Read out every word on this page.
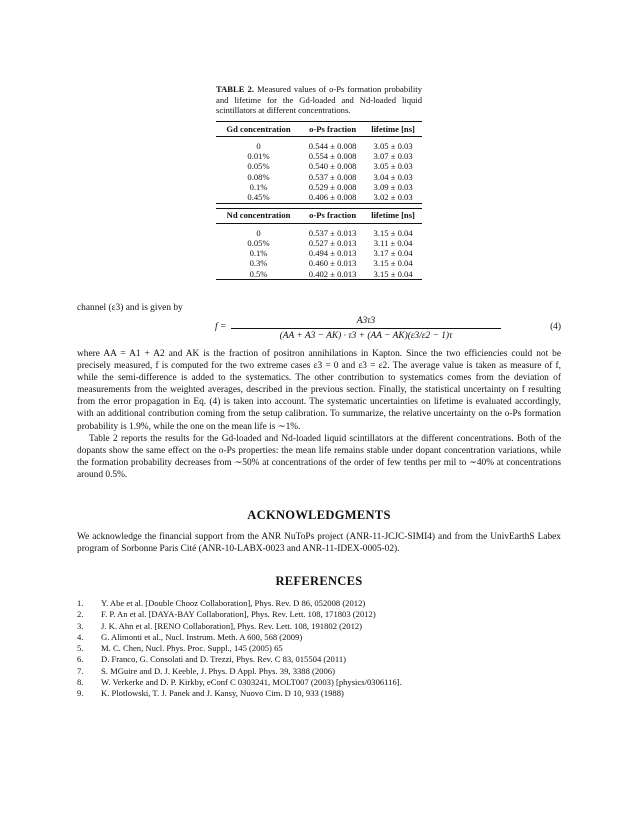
TABLE 2. Measured values of o-Ps formation probability and lifetime for the Gd-loaded and Nd-loaded liquid scintillators at different concentrations.
Gd concentration	o-Ps fraction	lifetime [ns]

0	0.544 ± 0.008	3.05 ± 0.03
0.01%	0.554 ± 0.008	3.07 ± 0.03
0.05%	0.540 ± 0.008	3.05 ± 0.03
0.08%	0.537 ± 0.008	3.04 ± 0.03
0.1%	0.529 ± 0.008	3.09 ± 0.03
0.45%	0.406 ± 0.008	3.02 ± 0.03

Nd concentration	o-Ps fraction	lifetime [ns]

0	0.537 ± 0.013	3.15 ± 0.04
0.05%	0.527 ± 0.013	3.11 ± 0.04
0.1%	0.494 ± 0.013	3.17 ± 0.04
0.3%	0.460 ± 0.013	3.15 ± 0.04
0.5%	0.402 ± 0.013	3.15 ± 0.04

channel (ε3) and is given by

f =
A3τ3
(AA + A3 − AK) · τ3 + (AA − AK)(ε3/ε2 − 1)τ
(4)

where AA = A1 + A2 and AK is the fraction of positron annihilations in Kapton. Since the two efficiencies could not be precisely measured, f is computed for the two extreme cases ε3 = 0 and ε3 = ε2. The average value is taken as measure of f, while the semi-difference is added to the systematics. The other contribution to systematics comes from the deviation of measurements from the weighted averages, described in the previous section. Finally, the statistical uncertainty on f resulting from the error propagation in Eq. (4) is taken into account. The systematic uncertainties on lifetime is evaluated accordingly, with an additional contribution coming from the setup calibration. To summarize, the relative uncertainty on the o-Ps formation probability is 1.9%, while the one on the mean life is ∼1%.

Table 2 reports the results for the Gd-loaded and Nd-loaded liquid scintillators at the different concentrations. Both of the dopants show the same effect on the o-Ps properties: the mean life remains stable under dopant concentration variations, while the formation probability decreases from ∼50% at concentrations of the order of few tenths per mil to ∼40% at concentrations around 0.5%.

ACKNOWLEDGMENTS

We acknowledge the financial support from the ANR NuToPs project (ANR-11-JCJC-SIMI4) and from the UnivEarthS Labex program of Sorbonne Paris Cité (ANR-10-LABX-0023 and ANR-11-IDEX-0005-02).

REFERENCES
1.	Y. Abe et al. [Double Chooz Collaboration], Phys. Rev. D 86, 052008 (2012)
2.	F. P. An et al. [DAYA-BAY Collaboration], Phys. Rev. Lett. 108, 171803 (2012)
3.	J. K. Ahn et al. [RENO Collaboration], Phys. Rev. Lett. 108, 191802 (2012)
4.	G. Alimonti et al., Nucl. Instrum. Meth. A 600, 568 (2009)
5.	M. C. Chen, Nucl. Phys. Proc. Suppl., 145 (2005) 65
6.	D. Franco, G. Consolati and D. Trezzi, Phys. Rev. C 83, 015504 (2011)
7.	S. MGuire and D. J. Keeble, J. Phys. D Appl. Phys. 39, 3388 (2006)
8.	W. Verkerke and D. P. Kirkby, eConf C 0303241, MOLT007 (2003) [physics/0306116].
9.	K. Plotlowski, T. J. Panek and J. Kansy, Nuovo Cim. D 10, 933 (1988)
